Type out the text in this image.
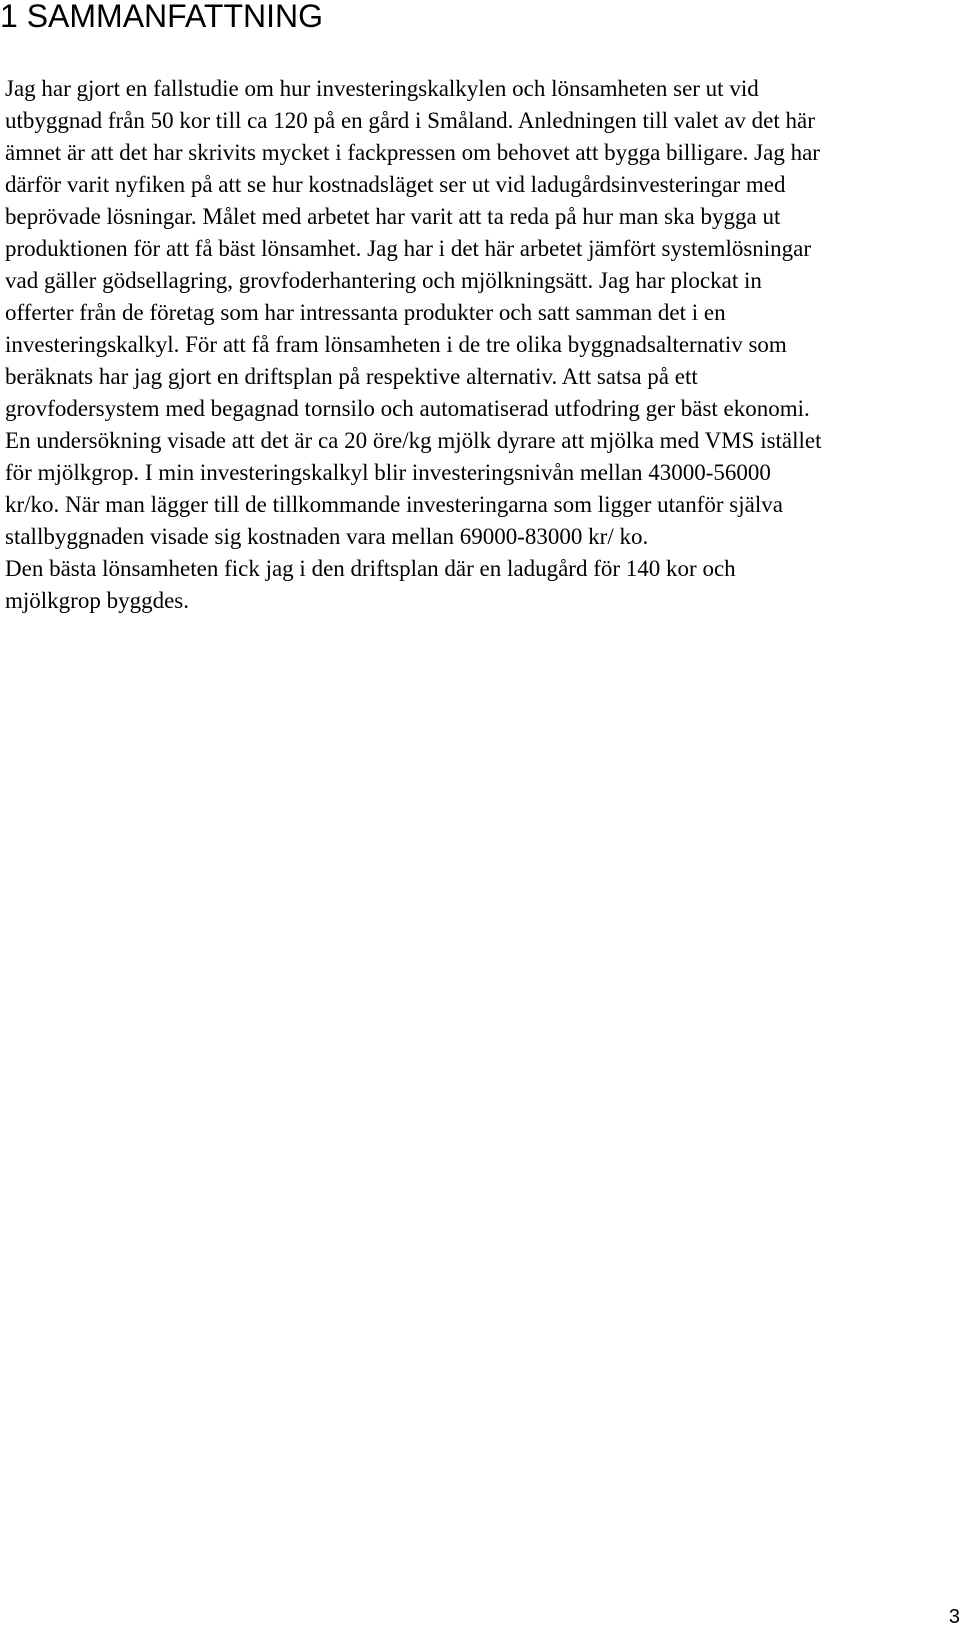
1 SAMMANFATTNING
Jag har gjort en fallstudie om hur investeringskalkylen och lönsamheten ser ut vid
utbyggnad från 50 kor till ca 120 på en gård i Småland. Anledningen till valet av det här
ämnet är att det har skrivits mycket i fackpressen om behovet att bygga billigare. Jag har
därför varit nyfiken på att se hur kostnadsläget ser ut vid ladugårdsinvesteringar med
beprövade lösningar. Målet med arbetet har varit att ta reda på hur man ska bygga ut
produktionen för att få bäst lönsamhet. Jag har i det här arbetet jämfört systemlösningar
vad gäller gödsellagring, grovfoderhantering och mjölkningsätt. Jag har plockat in
offerter från de företag som har intressanta produkter och satt samman det i en
investeringskalkyl. För att få fram lönsamheten i de tre olika byggnadsalternativ som
beräknats har jag gjort en driftsplan på respektive alternativ. Att satsa på ett
grovfodersystem med begagnad tornsilo och automatiserad utfodring ger bäst ekonomi.
En undersökning visade att det är ca 20 öre/kg mjölk dyrare att mjölka med VMS istället
för mjölkgrop. I min investeringskalkyl blir investeringsnivån mellan 43000-56000
kr/ko. När man lägger till de tillkommande investeringarna som ligger utanför själva
stallbyggnaden visade sig kostnaden vara mellan 69000-83000 kr/ ko.
Den bästa lönsamheten fick jag i den driftsplan där en ladugård för 140 kor och
mjölkgrop byggdes.
3
